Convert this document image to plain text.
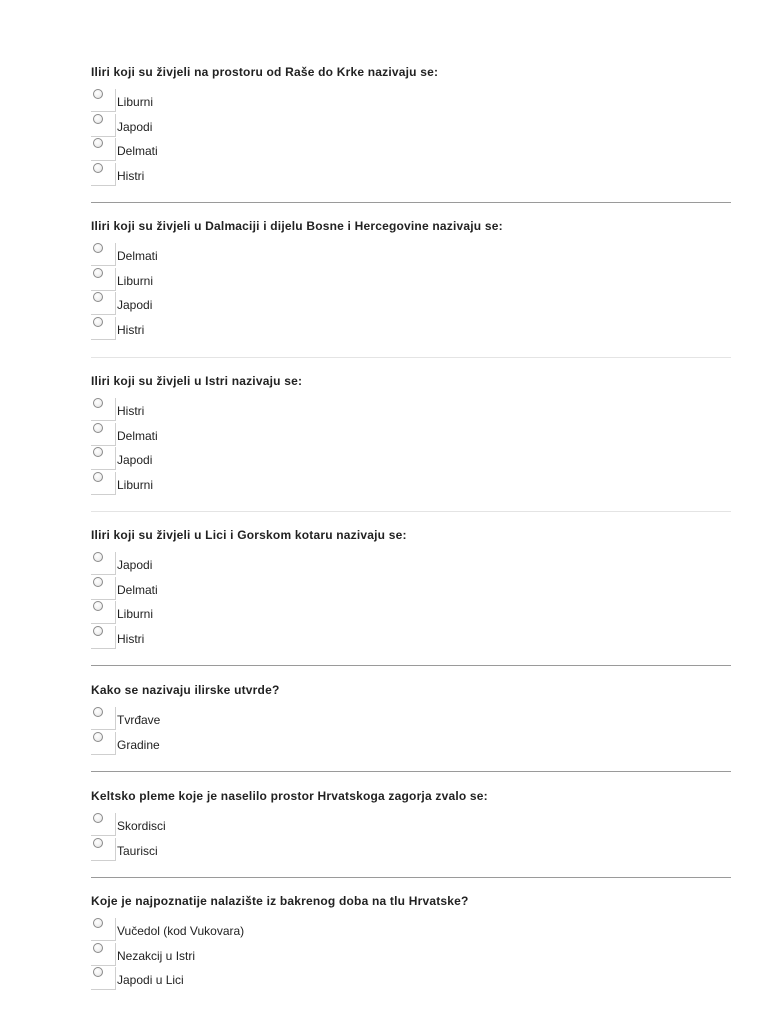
Iliri koji su živjeli na prostoru od Raše do Krke nazivaju se:

Liburni
Japodi
Delmati
Histri

Iliri koji su živjeli u Dalmaciji i dijelu Bosne i Hercegovine nazivaju se:

Delmati
Liburni
Japodi
Histri

Iliri koji su živjeli u Istri nazivaju se:

Histri
Delmati
Japodi
Liburni

Iliri koji su živjeli u Lici i Gorskom kotaru nazivaju se:

Japodi
Delmati
Liburni
Histri

Kako se nazivaju ilirske utvrde?

Tvrđave
Gradine

Keltsko pleme koje je naselilo prostor Hrvatskoga zagorja zvalo se:

Skordisci
Taurisci

Koje je najpoznatije nalazište iz bakrenog doba na tlu Hrvatske?

Vučedol (kod Vukovara)
Nezakcij u Istri
Japodi u Lici
